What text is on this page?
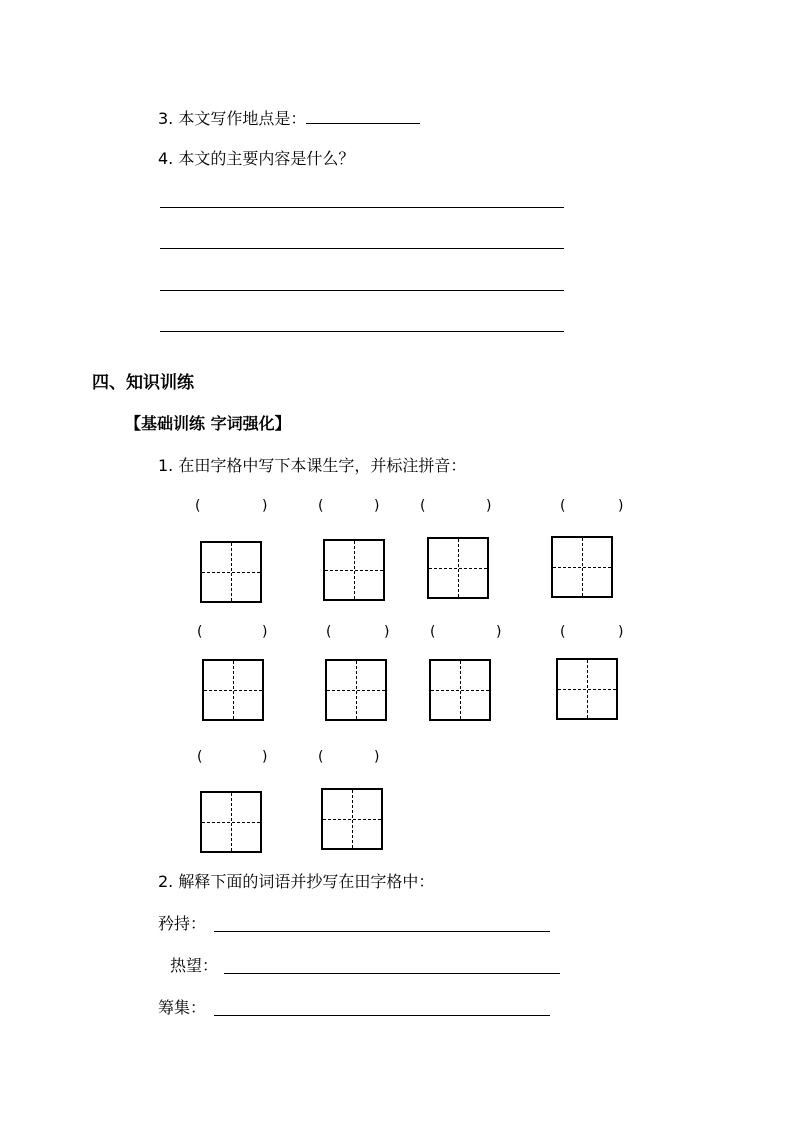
3. 本文写作地点是：
4. 本文的主要内容是什么？
四、知识训练
【基础训练 字词强化】
1. 在田字格中写下本课生字，并标注拼音：
(	)	(	)	(	)	(	)
(	)	(	)	(	)	(	)
(	)	(	)
2. 解释下面的词语并抄写在田字格中：
矜持：
热望：
筹集：
